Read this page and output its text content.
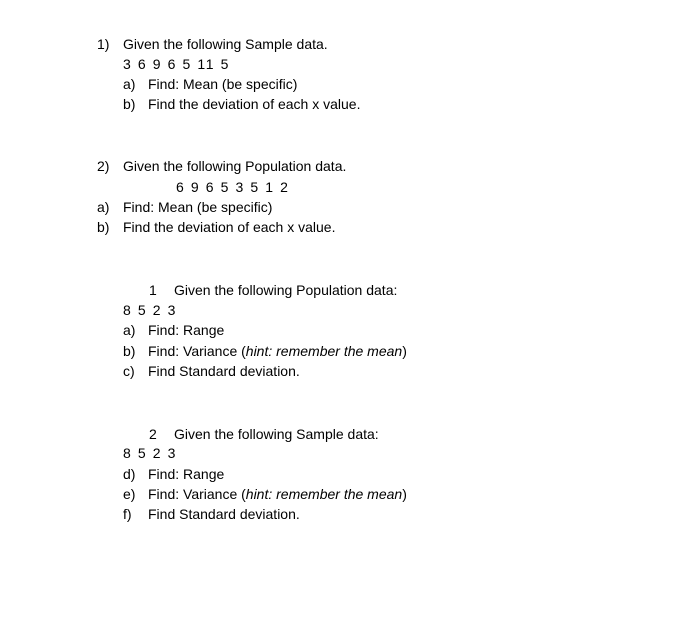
1) Given the following Sample data.
3 6 9 6 5 11 5
a) Find: Mean (be specific)
b) Find the deviation of each x value.
2) Given the following Population data.
6 9 6 5 3 5 1 2
a) Find: Mean (be specific)
b) Find the deviation of each x value.
1 Given the following Population data:
8 5 2 3
a) Find: Range
b) Find: Variance (hint: remember the mean)
c) Find Standard deviation.
2 Given the following Sample data:
8 5 2 3
d) Find: Range
e) Find: Variance (hint: remember the mean)
f) Find Standard deviation.
